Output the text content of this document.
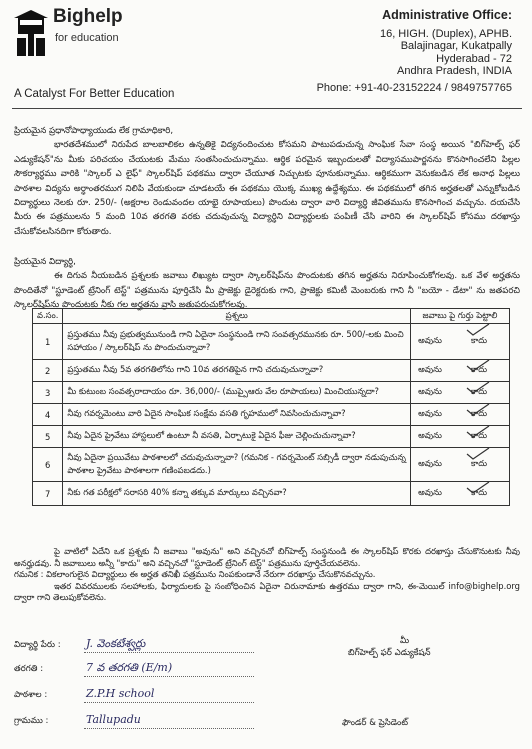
Bighelp
for education
A Catalyst For Better Education
Administrative Office:
16, HIGH. (Duplex), APHB.
Balajinagar, Kukatpally
Hyderabad - 72
Andhra Pradesh, INDIA
Phone: +91-40-23152224 / 9849757765
ప్రియమైన ప్రధానోపాధ్యాయుడు లేక గ్రామాధికారి,
భారతదేశములో నిరుపేద బాలబాలికల ఉన్నతికై విద్యనందించుట కోసమని పాటుపడుచున్న సాంఘిక సేవా సంస్థ అయిన "బిగ్‌హెల్ప్ ఫర్ ఎడ్యుకేషన్"ను మీకు పరిచయం చేయుటకు మేము సంతసించుచున్నాము. ఆర్థిక పరమైన ఇబ్బందులతో విద్యాసముపార్జనను కొనసాగించలేని పిల్లల సౌకర్యార్ధము వారికి "స్కాలర్ ఎ లైఫ్" స్కాలర్‌షిప్ పథకము ద్వారా చేయూత నిచ్చుటకు పూనుకున్నాము. ఆర్థికముగా వెనుకబడిన లేక అనాధ పిల్లలు పాఠశాల విద్యను అర్ధాంతరముగ నిలిపి వేయకుండా చూడటయే ఈ పథకము యొక్క ముఖ్య ఉద్దేశ్యము. ఈ పథకములో తగిన అర్హతలతో ఎన్నుకోబడిన విద్యార్ధులు నెలకు రూ. 250/- (అక్షరాల రెండువందల యాభై రూపాయలు) పొందుట ద్వారా వారి విద్యార్ధి జీవితమును కొనసాగించ వచ్చును. దయచేసి మీరు ఈ పత్రములను 5 మంది 10వ తరగతి వరకు చదువుచున్న విద్యార్ధిని విద్యార్ధులకు పంపిణీ చేసి వారిని ఈ స్కాలర్‌షిప్ కోసము దరఖాస్తు చేసుకోవలసినదిగా కోరుతారు.
ప్రియమైన విద్యార్ధి,
ఈ దిగువ నీయబడిన ప్రశ్నలకు జవాబు లిఖ్యుట ద్వారా స్కాలర్‌షిప్‌ను పొందుటకు తగిన అర్హతను నిరూపించుకోగలవు. ఒక వేళ అర్హతను పొందితేనో "స్టూడెంట్ ట్రేనింగ్ టెస్ట్" పత్రమును పూర్తిచేసి మీ ప్రాజెక్టు డైరెక్టరుకు గాని, ప్రాజెక్టు కమిటీ మెంబరుకు గాని నీ "బయో - డేటా" ను జతపరచి స్కాలర్‌షిప్‌ను పొందుటకు నీకు గల అర్హతను వ్రాసి జతుపరుచుకోగలవు.
వ.సం.	ప్రశ్నలు	జవాబు పై గుర్తు పెట్టాలి	
1	ప్రస్తుతము నీవు ప్రభుత్వమునుండి గాని ఏదైనా సంస్థనుండి గాని సంవత్సరమునకు రూ. 500/-లకు మించి సహాయం / స్కాలర్‌షిప్ ను పొందుచున్నావా?	అవును	కాదు
2	ప్రస్తుతము నీవు 5వ తరగతిలోను గాని 10వ తరగతిపైన గాని చదువుచున్నావా?	అవును	కాదు
3	మీ కుటుంబ సంవత్సరాదాయం రూ. 36,000/- (ముప్పైఆరు వేల రూపాయలు) మించియున్నదా?	అవును	కాదు
4	నీవు గవర్నమెంటు వారి ఏదైన సాంఘిక సంక్షేమ వసతి గృహములో నివసించుచున్నావా?	అవును	కాదు
5	నీవు ఏదైన ప్రైవేటు హాస్టలులో ఉంటూ నీ వసతి, ఏర్పాటుకై ఏదైన ఫీజు చెల్లించుచున్నావా?	అవును	కాదు
6	నీవు ఏదైనా ప్రయివేటు పాఠశాలలో చదువుచున్నావా? (గమనిక - గవర్నమెంట్ సబ్సిడీ ద్వారా నడుపుచున్న పాఠశాల ప్రైవేటు పాఠశాలగా గణింపబడదు.)	అవును	కాదు
7	నీకు గత పరీక్షలో సరాసరి 40% కన్నా తక్కువ మార్కులు వచ్చినవా?	అవును	కాదు
పై వాటిలో ఏదేని ఒక ప్రశ్నకు నీ జవాబు "అవును" అని వచ్చినచో బిగ్‌హెల్ప్ సంస్థనుండి ఈ స్కాలర్‌షిప్ కొరకు దరఖాస్తు చేసుకొనుటకు నీవు అనర్హుడవు. నీ జవాబులు అన్నీ "కాదు" అని వచ్చినచో "స్టూడెంట్ ట్రేనింగ్ టెస్ట్" పత్రమును పూర్తిచేయవలెను.
గమనిక : వికలాంగులైన విద్యార్థులు ఈ అర్హత తనిఖీ పత్రమును నింపకుండానే నేరుగా దరఖాస్తు చేసుకొనవచ్చును.
ఇతర వివరములకు సలహాలకు, ఫిర్యాదులకు పై సంబోధించిన ఏదైనా చిరునామాకు ఉత్తరము ద్వారా గాని, ఈ-మెయిల్ info@bighelp.org ద్వారా గాని తెలుపుకోవలెను.
విద్యార్థి పేరు :	J. వెంకటేశ్వర్లు
తరగతి :	7 వ తరగతి (E/m)
పాఠశాల :	Z.P.H school
గ్రామము :	Tallupadu
మీ
బిగ్‌హెల్ప్ ఫర్ ఎడ్యుకేషన్
ఫౌండర్ & ప్రెసిడెంట్
